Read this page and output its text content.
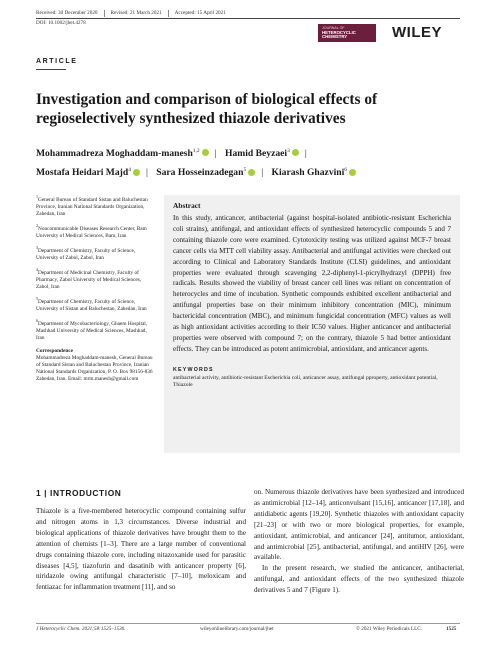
Received: 30 December 2020	Revised: 21 March 2021	Accepted: 15 April 2021
DOI: 10.1002/jhet.4278
JOURNAL OF
HETEROCYCLIC
CHEMISTRY	WILEY
ARTICLE
Investigation and comparison of biological effects of regioselectively synthesized thiazole derivatives
Mohammadreza Moghaddam-manesh$^{1,2}$ | Hamid Beyzaei$^3$ |
Mostafa Heidari Majd$^4$ | Sara Hosseinzadegan$^5$ | Kiarash Ghazvini$^6$

$^1$General Bureau of Standard Sistan and Baluchestan Province, Iranian National Standards Organization, Zahedan, Iran

$^2$Noncommunicable Diseases Research Center, Bam University of Medical Sciences, Bam, Iran

$^3$Department of Chemistry, Faculty of Science, University of Zabol, Zabol, Iran

$^4$Department of Medicinal Chemistry, Faculty of Pharmacy, Zabol University of Medical Sciences, Zabol, Iran

$^5$Department of Chemistry, Faculty of Science, University of Sistan and Baluchestan, Zahedan, Iran

$^6$Department of Mycobacteriology, Ghaem Hospital, Mashhad University of Medical Sciences, Mashhad, Iran

Correspondence

Mohammadreza Moghaddam-manesh, General Bureau of Standard Sistan and Baluchestan Province, Iranian National Standards Organization, P. O. Box 98156-836 Zahedan, Iran. Email: mrm.manesh@gmail.com

Abstract
In this study, anticancer, antibacterial (against hospital-isolated antibiotic-resistant Escherichia coli strains), antifungal, and antioxidant effects of synthesized heterocyclic compounds 5 and 7 containing thiazole core were examined. Cytotoxicity testing was utilized against MCF-7 breast cancer cells via MTT cell viability assay. Antibacterial and antifungal activities were checked out according to Clinical and Laboratory Standards Institute (CLSI) guidelines, and antioxidant properties were evaluated through scavenging 2,2-diphenyl-1-picrylhydrazyl (DPPH) free radicals. Results showed the viability of breast cancer cell lines was reliant on concentration of heterocycles and time of incubation. Synthetic compounds exhibited excellent antibacterial and antifungal properties base on their minimum inhibitory concentration (MIC), minimum bactericidal concentration (MBC), and minimum fungicidal concentration (MFC) values as well as high antioxidant activities according to their IC50 values. Higher anticancer and antibacterial properties were observed with compound 7; on the contrary, thiazole 5 had better antioxidant effects. They can be introduced as potent antimicrobial, antioxidant, and anticancer agents.
KEYWORDS
antibacterial activity, antibiotic-resistant Escherichia coli, anticancer assay, antifungal pproperty, antioxidant potential, Thiazole
1 | INTRODUCTION

Thiazole is a five-membered heterocyclic compound containing sulfur and nitrogen atoms in 1,3 circumstances. Diverse industrial and biological applications of thiazole derivatives have brought them to the attention of chemists [1–3]. There are a large number of conventional drugs containing thiazole core, including nitazoxanide used for parasitic diseases [4,5], tiazofurin and dasatinib with anticancer property [6], niridazole owing antifungal characteristic [7–10], meloxicam and fentiazac for inflammation treatment [11], and so

on. Numerous thiazole derivatives have been synthesized and introduced as antimicrobial [12–14], anticonvulsant [15,16], anticancer [17,18], and antidiabetic agents [19,20]. Synthetic thiazoles with antioxidant capacity [21–23] or with two or more biological properties, for example, antioxidant, antimicrobial, and anticancer [24], antitumor, antioxidant, and antimicrobial [25], antibacterial, antifungal, and antiHIV [26], were available.

In the present research, we studied the anticancer, antibacterial, antifungal, and antioxidant effects of the two synthesized thiazole derivatives 5 and 7 (Figure 1).

J Heterocyclic Chem. 2021;58:1525–1530.	wileyonlinelibrary.com/journal/jhet	© 2021 Wiley Periodicals LLC.	1525
